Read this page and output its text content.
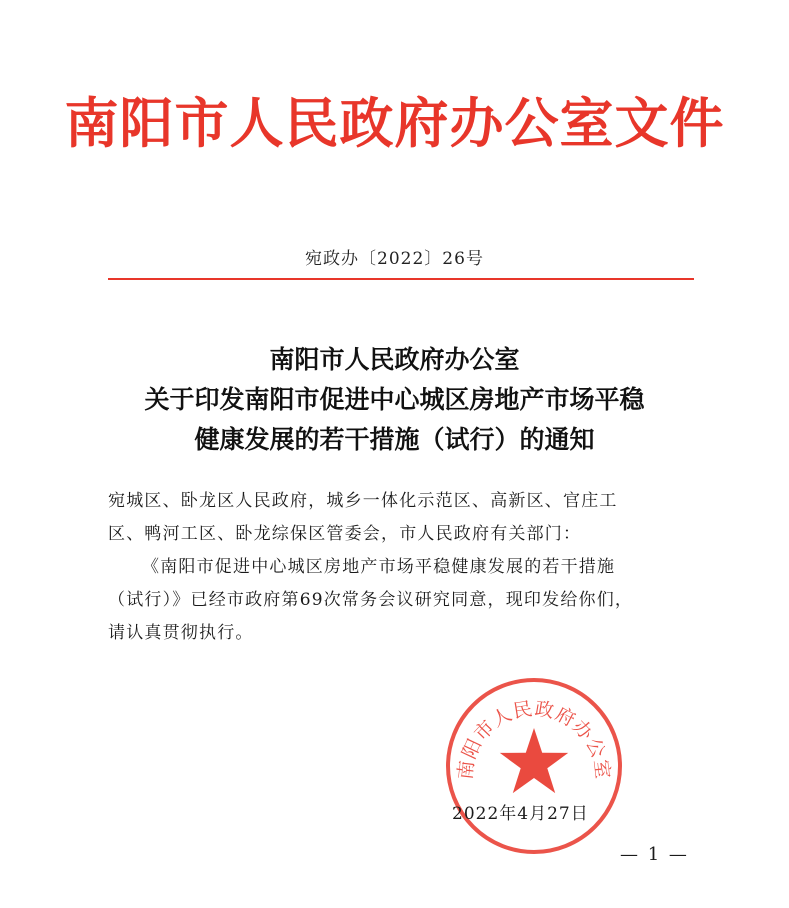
南阳市人民政府办公室文件
宛政办〔2022〕26号
南阳市人民政府办公室
关于印发南阳市促进中心城区房地产市场平稳
健康发展的若干措施（试行）的通知

宛城区、卧龙区人民政府，城乡一体化示范区、高新区、官庄工

区、鸭河工区、卧龙综保区管委会，市人民政府有关部门：

《南阳市促进中心城区房地产市场平稳健康发展的若干措施

（试行）》已经市政府第69次常务会议研究同意，现印发给你们，

请认真贯彻执行。

南阳市人民政府办公室
2022年4月27日
— 1 —
